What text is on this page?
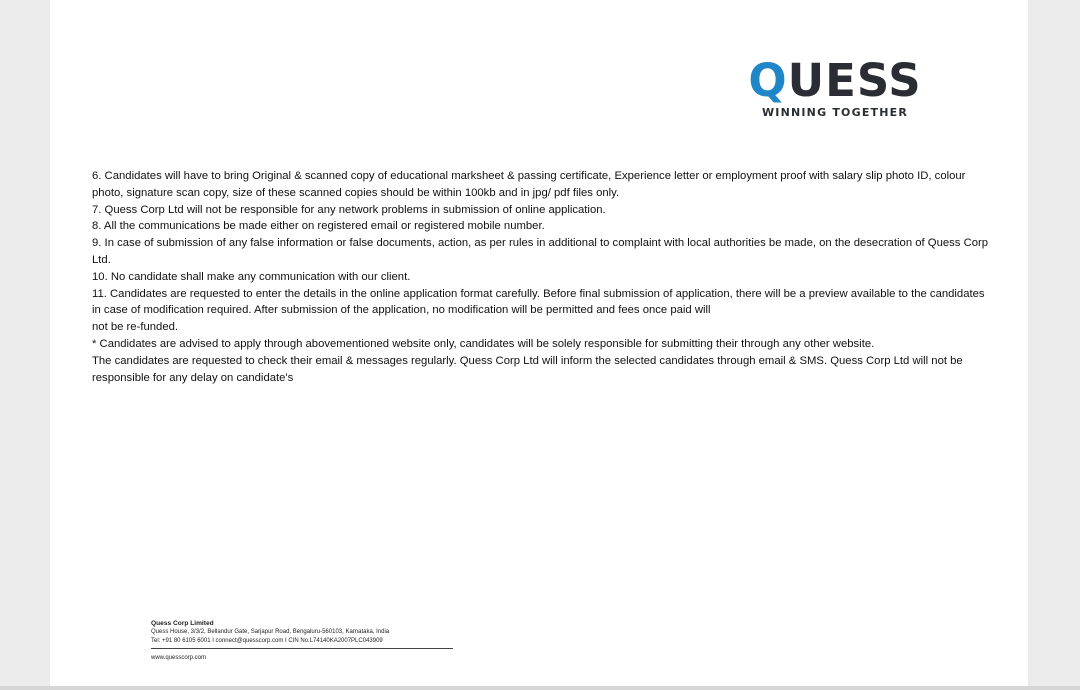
QUESS
WINNING TOGETHER

6. Candidates will have to bring Original & scanned copy of educational marksheet & passing certificate, Experience letter or employment proof with salary slip photo ID, colour photo, signature scan copy, size of these scanned copies should be within 100kb and in jpg/ pdf files only.

7. Quess Corp Ltd will not be responsible for any network problems in submission of online application.

8. All the communications be made either on registered email or registered mobile number.

9. In case of submission of any false information or false documents, action, as per rules in additional to complaint with local authorities be made, on the desecration of Quess Corp Ltd.

10. No candidate shall make any communication with our client.

11. Candidates are requested to enter the details in the online application format carefully. Before final submission of application, there will be a preview available to the candidates in case of modification required. After submission of the application, no modification will be permitted and fees once paid will

not be re-funded.

* Candidates are advised to apply through abovementioned website only, candidates will be solely responsible for submitting their through any other website.

The candidates are requested to check their email & messages regularly. Quess Corp Ltd will inform the selected candidates through email & SMS. Quess Corp Ltd will not be responsible for any delay on candidate's

Quess Corp Limited
Quess House, 3/3/2, Bellandur Gate, Sarjapur Road, Bengaluru-560103, Karnataka, India
Tel: +91 80 6105 6001 I connect@quesscorp.com I CIN No.L74140KA2007PLC043909
www.quesscorp.com
